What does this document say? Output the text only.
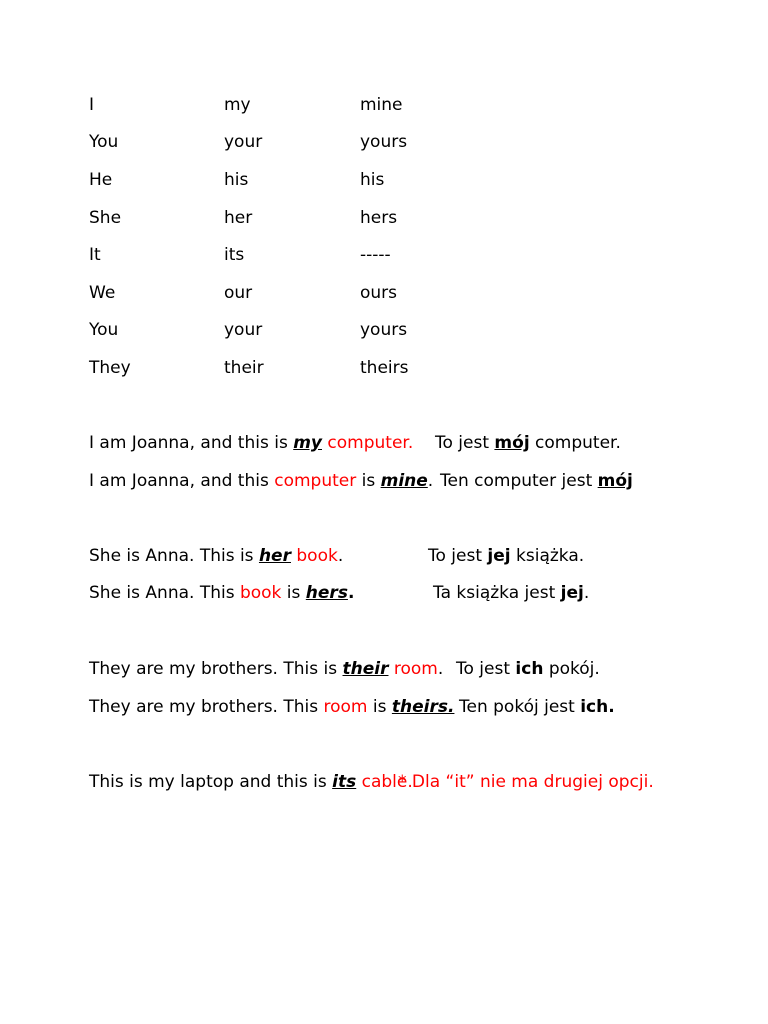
I	my	mine
You	your	yours
He	his	his
She	her	hers
It	its	-----
We	our	ours
You	your	yours
They	their	theirs
I am Joanna, and this is my computer. To jest mój computer.
I am Joanna, and this computer is mine. Ten computer jest mój
She is Anna. This is her book.	To jest jej książka.
She is Anna. This book is hers.	Ta książka jest jej.
They are my brothers. This is their room. To jest ich pokój.
They are my brothers. This room is theirs. Ten pokój jest ich.
This is my laptop and this is its cable.
* Dla “it” nie ma drugiej opcji.
